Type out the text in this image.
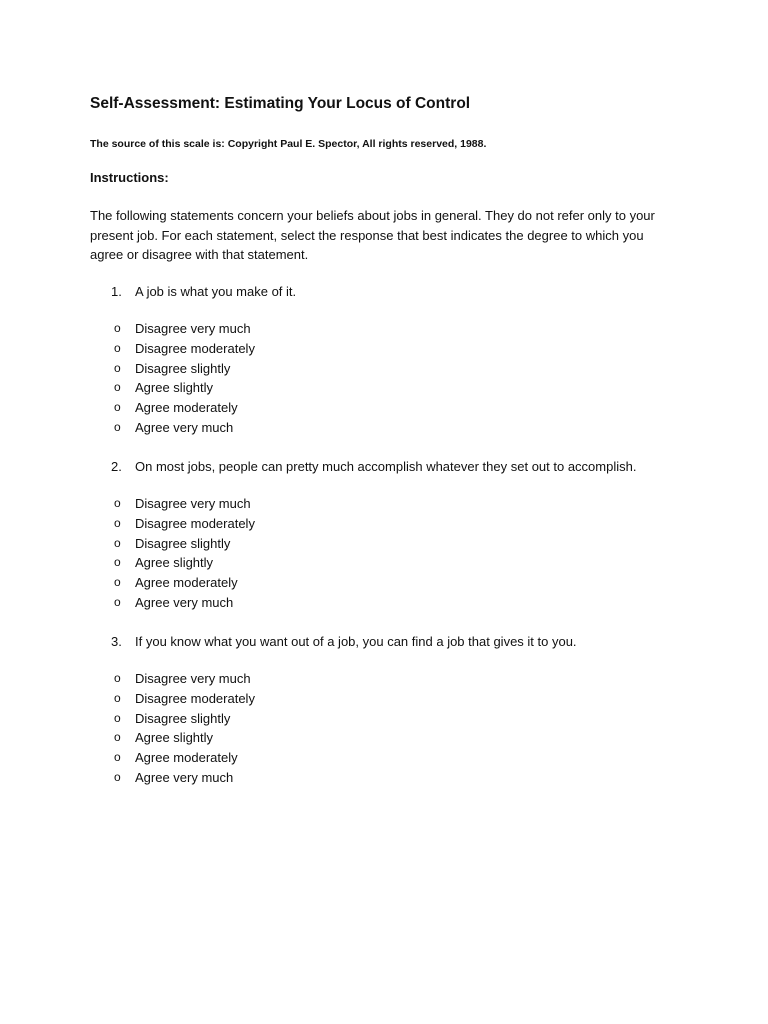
Self-Assessment: Estimating Your Locus of Control

The source of this scale is: Copyright Paul E. Spector, All rights reserved, 1988.

Instructions:

The following statements concern your beliefs about jobs in general. They do not refer only to your present job. For each statement, select the response that best indicates the degree to which you agree or disagree with that statement.

1. A job is what you make of it.
o Disagree very much
o Disagree moderately
o Disagree slightly
o Agree slightly
o Agree moderately
o Agree very much
2. On most jobs, people can pretty much accomplish whatever they set out to accomplish.
o Disagree very much
o Disagree moderately
o Disagree slightly
o Agree slightly
o Agree moderately
o Agree very much
3. If you know what you want out of a job, you can find a job that gives it to you.
o Disagree very much
o Disagree moderately
o Disagree slightly
o Agree slightly
o Agree moderately
o Agree very much
